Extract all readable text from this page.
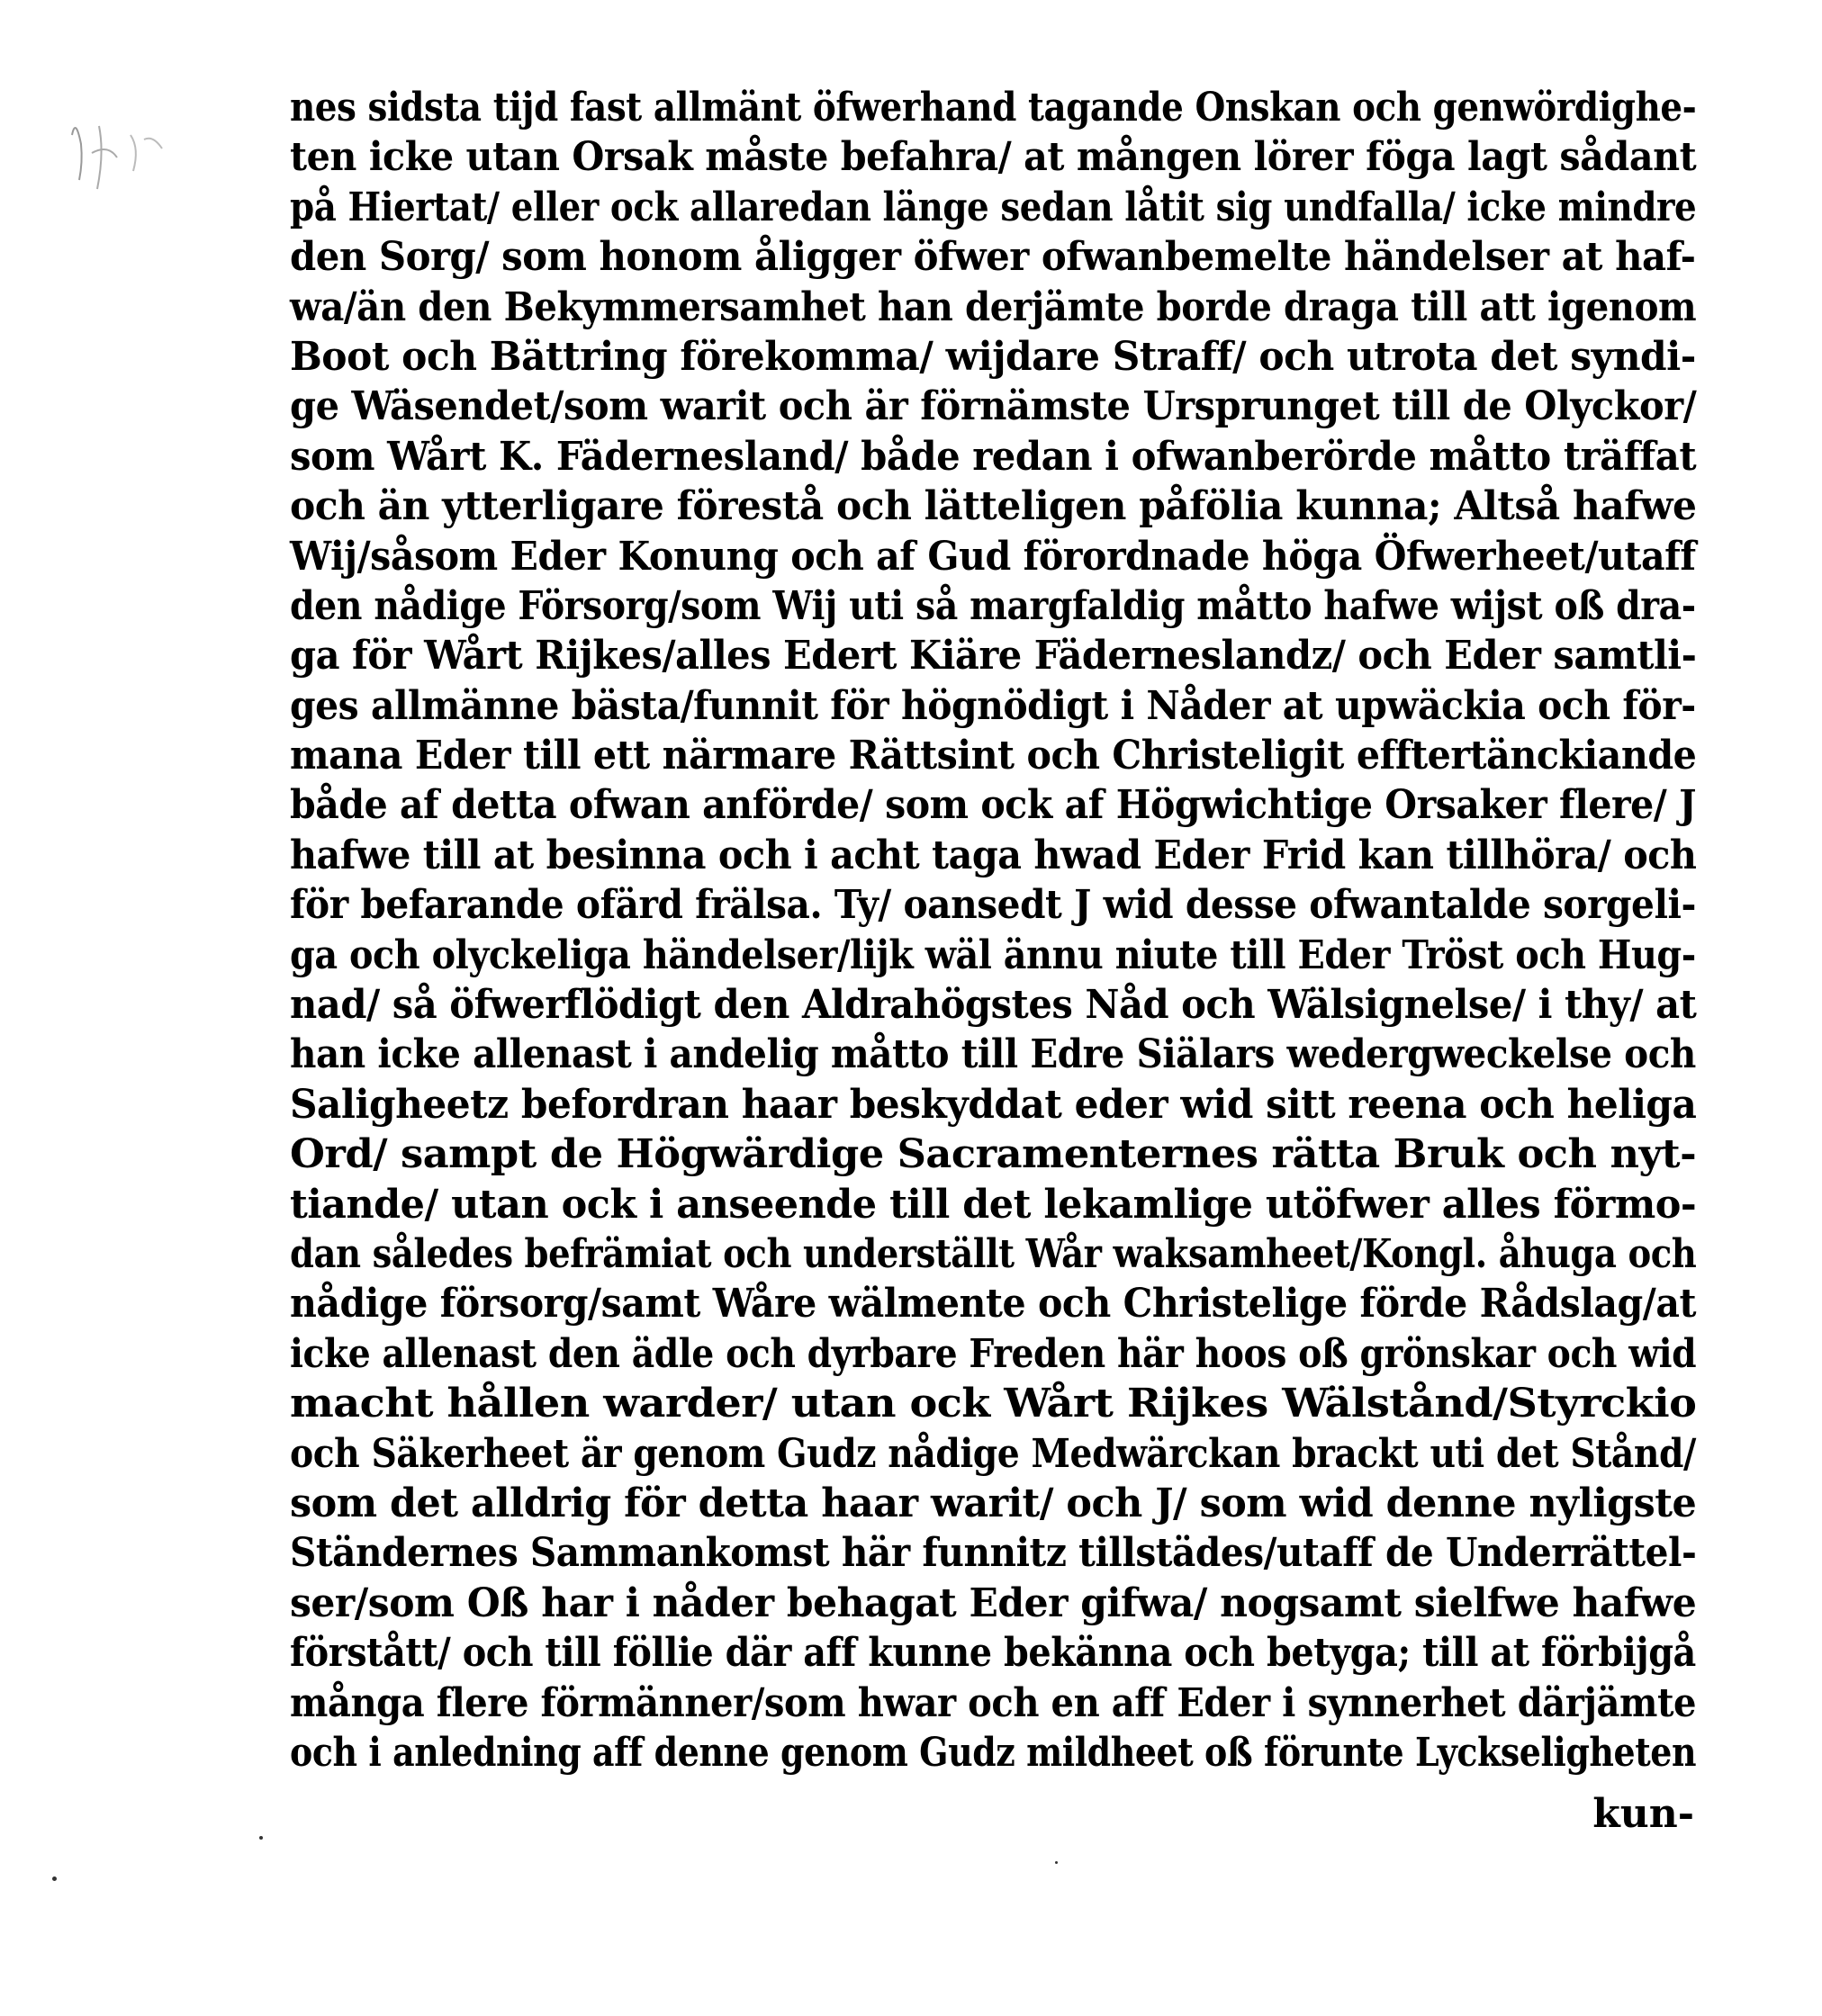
nes sidsta tijd fast allmänt öfwerhand tagande Onskan och genwördighe-
ten icke utan Orsak måste befahra/ at mången lörer föga lagt sådant
på Hiertat/ eller ock allaredan länge sedan låtit sig undfalla/ icke mindre
den Sorg/ som honom åligger öfwer ofwanbemelte händelser at haf-
wa/än den Bekymmersamhet han derjämte borde draga till att igenom
Boot och Bättring förekomma/ wijdare Straff/ och utrota det syndi-
ge Wäsendet/som warit och är förnämste Ursprunget till de Olyckor/
som Wårt K. Fädernesland/ både redan i ofwanberörde måtto träffat
och än ytterligare förestå och lätteligen påfölia kunna; Altså hafwe
Wij/såsom Eder Konung och af Gud förordnade höga Öfwerheet/utaff
den nådige Försorg/som Wij uti så margfaldig måtto hafwe wijst oß dra-
ga för Wårt Rijkes/alles Edert Kiäre Fäderneslandz/ och Eder samtli-
ges allmänne bästa/funnit för högnödigt i Nåder at upwäckia och för-
mana Eder till ett närmare Rättsint och Christeligit efftertänckiande
både af detta ofwan anförde/ som ock af Högwichtige Orsaker flere/ J
hafwe till at besinna och i acht taga hwad Eder Frid kan tillhöra/ och
för befarande ofärd frälsa. Ty/ oansedt J wid desse ofwantalde sorgeli-
ga och olyckeliga händelser/lijk wäl ännu niute till Eder Tröst och Hug-
nad/ så öfwerflödigt den Aldrahögstes Nåd och Wälsignelse/ i thy/ at
han icke allenast i andelig måtto till Edre Siälars wedergweckelse och
Saligheetz befordran haar beskyddat eder wid sitt reena och heliga
Ord/ sampt de Högwärdige Sacramenternes rätta Bruk och nyt-
tiande/ utan ock i anseende till det lekamlige utöfwer alles förmo-
dan således befrämiat och underställt Wår waksamheet/Kongl. åhuga och
nådige försorg/samt Wåre wälmente och Christelige förde Rådslag/at
icke allenast den ädle och dyrbare Freden här hoos oß grönskar och wid
macht hållen warder/ utan ock Wårt Rijkes Wälstånd/Styrckio
och Säkerheet är genom Gudz nådige Medwärckan brackt uti det Stånd/
som det alldrig för detta haar warit/ och J/ som wid denne nyligste
Ständernes Sammankomst här funnitz tillstädes/utaff de Underrättel-
ser/som Oß har i nåder behagat Eder gifwa/ nogsamt sielfwe hafwe
förstått/ och till föllie där aff kunne bekänna och betyga; till at förbijgå
många flere förmänner/som hwar och en aff Eder i synnerhet därjämte
och i anledning aff denne genom Gudz mildheet oß förunte Lyckseligheten
kun-
